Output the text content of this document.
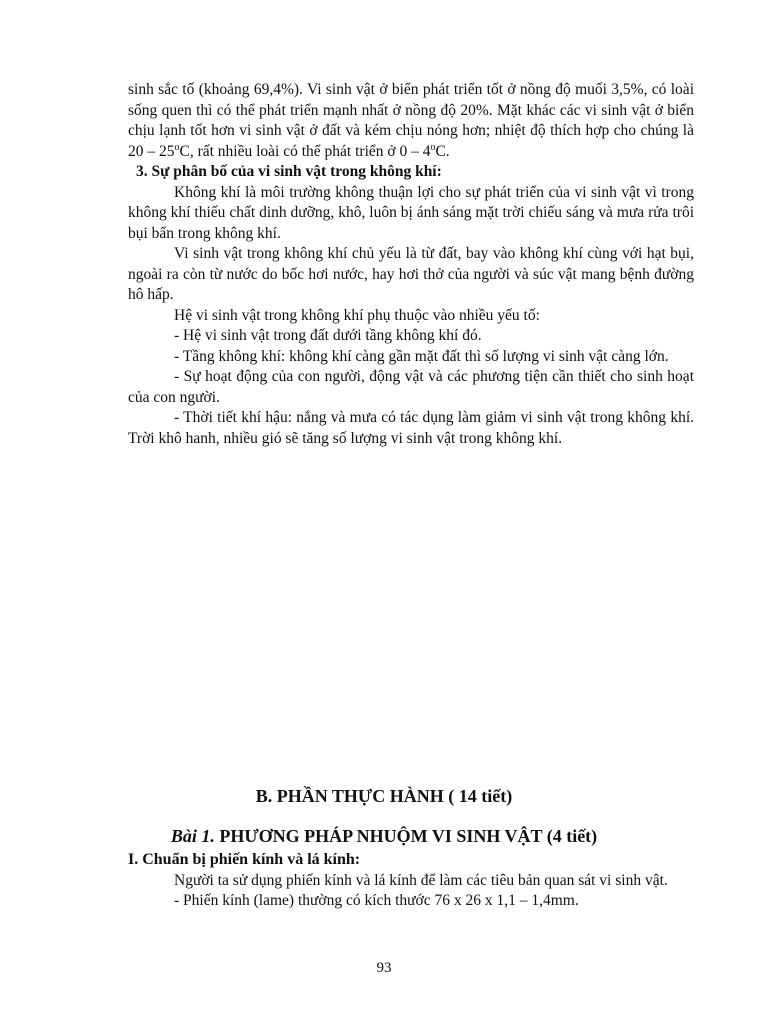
sinh sắc tố (khoảng 69,4%). Vi sinh vật ở biển phát triển tốt ở nồng độ muối 3,5%, có loài sống quen thì có thể phát triển mạnh nhất ở nồng độ 20%. Mặt khác các vi sinh vật ở biển chịu lạnh tốt hơn vi sinh vật ở đất và kém chịu nóng hơn; nhiệt độ thích hợp cho chúng là 20 – 25$^o$C, rất nhiều loài có thể phát triển ở 0 – 4$^o$C.

3. Sự phân bố của vi sinh vật trong không khí:

Không khí là môi trường không thuận lợi cho sự phát triển của vi sinh vật vì trong không khí thiếu chất dinh dưỡng, khô, luôn bị ánh sáng mặt trời chiếu sáng và mưa rửa trôi bụi bẩn trong không khí.

Vi sinh vật trong không khí chủ yếu là từ đất, bay vào không khí cùng với hạt bụi, ngoài ra còn từ nước do bốc hơi nước, hay hơi thở của người và súc vật mang bệnh đường hô hấp.

Hệ vi sinh vật trong không khí phụ thuộc vào nhiều yếu tố:

- Hệ vi sinh vật trong đất dưới tầng không khí đó.

- Tầng không khí: không khí càng gần mặt đất thì số lượng vi sinh vật càng lớn.

- Sự hoạt động của con người, động vật và các phương tiện cần thiết cho sinh hoạt của con người.

- Thời tiết khí hậu: nắng và mưa có tác dụng làm giảm vi sinh vật trong không khí. Trời khô hanh, nhiều gió sẽ tăng số lượng vi sinh vật trong không khí.

B. PHẦN THỰC HÀNH ( 14 tiết)
Bài 1. PHƯƠNG PHÁP NHUỘM VI SINH VẬT (4 tiết)

I. Chuẩn bị phiến kính và lá kính:

Người ta sử dụng phiến kính và lá kính để làm các tiêu bản quan sát vi sinh vật.

- Phiến kính (lame) thường có kích thước 76 x 26 x 1,1 – 1,4mm.

93
